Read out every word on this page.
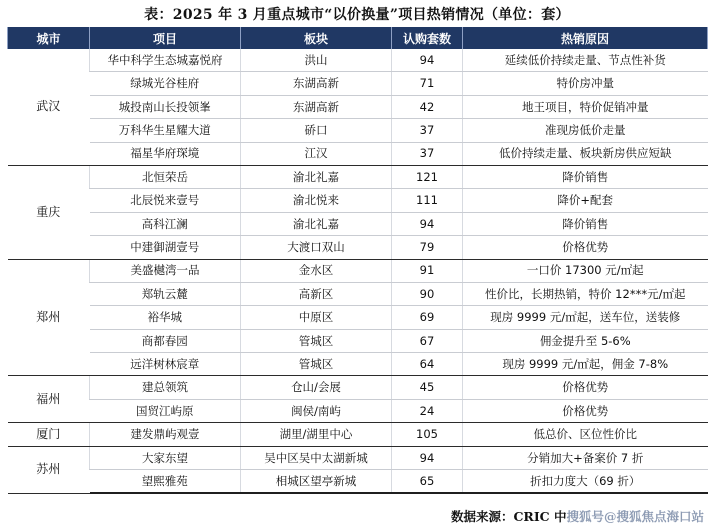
表：2025 年 3 月重点城市“以价换量”项目热销情况（单位：套）
城市	项目	板块	认购套数	热销原因
武汉	华中科学生态城嘉悦府	洪山	94	延续低价持续走量、节点性补货
	绿城光谷桂府	东湖高新	71	特价房冲量
	城投南山长投领峯	东湖高新	42	地王项目，特价促销冲量
	万科华生星耀大道	硚口	37	准现房低价走量
	福星华府琛境	江汉	37	低价持续走量、板块新房供应短缺
重庆	北恒荣岳	渝北礼嘉	121	降价销售
	北辰悦来壹号	渝北悦来	111	降价+配套
	高科江澜	渝北礼嘉	94	降价销售
	中建御湖壹号	大渡口双山	79	价格优势
郑州	美盛樾湾一品	金水区	91	一口价 17300 元/㎡起
	郑轨云麓	高新区	90	性价比，长期热销，特价 12***元/㎡起
	裕华城	中原区	69	现房 9999 元/㎡起，送车位，送装修
	商都春园	管城区	67	佣金提升至 5-6%
	远洋树林宸章	管城区	64	现房 9999 元/㎡起，佣金 7-8%
福州	建总领筑	仓山/会展	45	价格优势
	国贸江屿原	闽侯/南屿	24	价格优势
厦门	建发鼎屿观壹	湖里/湖里中心	105	低总价、区位性价比
苏州	大家东望	吴中区吴中太湖新城	94	分销加大+备案价 7 折
	望熙雅苑	相城区望亭新城	65	折扣力度大（69 折）
数据来源：CRIC 中搜狐号@搜狐焦点海口站
